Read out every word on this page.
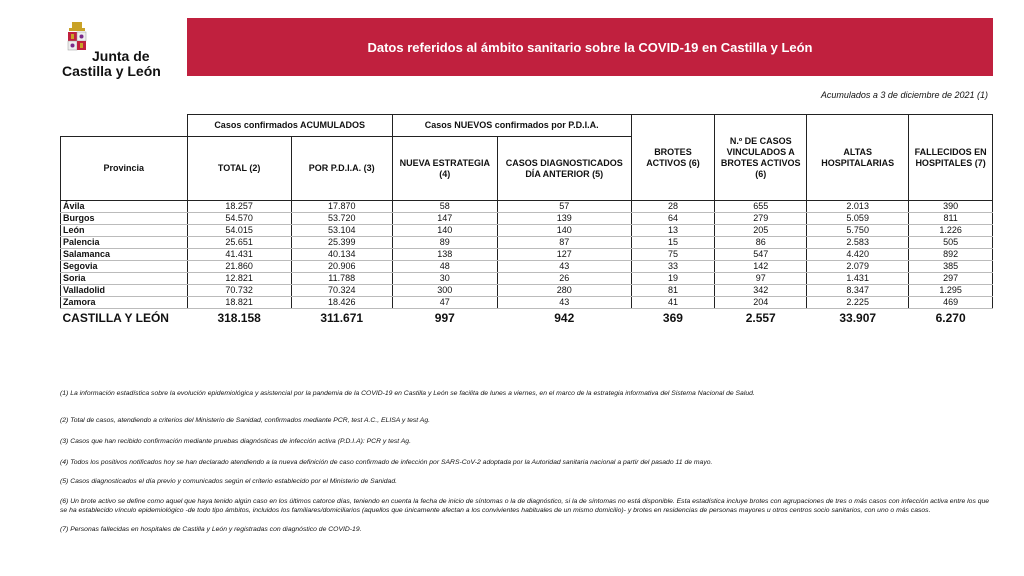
Junta de
Castilla y León
Datos referidos al ámbito sanitario sobre la COVID-19 en Castilla y León
Acumulados a 3 de diciembre de 2021 (1)
	Casos confirmados ACUMULADOS		Casos NUEVOS confirmados por P.D.I.A.		BROTES ACTIVOS (6)	N.º DE CASOS VINCULADOS A BROTES ACTIVOS (6)	ALTAS HOSPITALARIAS	FALLECIDOS EN HOSPITALES (7)

Provincia	TOTAL (2)	POR P.D.I.A. (3)	NUEVA ESTRATEGIA (4)	CASOS DIAGNOSTICADOS DÍA ANTERIOR (5)				
Ávila	18.257	17.870	58	57	28	655	2.013	390
Burgos	54.570	53.720	147	139	64	279	5.059	811
León	54.015	53.104	140	140	13	205	5.750	1.226
Palencia	25.651	25.399	89	87	15	86	2.583	505
Salamanca	41.431	40.134	138	127	75	547	4.420	892
Segovia	21.860	20.906	48	43	33	142	2.079	385
Soria	12.821	11.788	30	26	19	97	1.431	297
Valladolid	70.732	70.324	300	280	81	342	8.347	1.295
Zamora	18.821	18.426	47	43	41	204	2.225	469
CASTILLA Y LEÓN	318.158	311.671	997	942	369	2.557	33.907	6.270

(1) La información estadística sobre la evolución epidemiológica y asistencial por la pandemia de la COVID-19 en Castilla y León se facilita de lunes a viernes, en el marco de la estrategia informativa del Sistema Nacional de Salud.

(2) Total de casos, atendiendo a criterios del Ministerio de Sanidad, confirmados mediante PCR, test A.C., ELISA y test Ag.

(3) Casos que han recibido confirmación mediante pruebas diagnósticas de infección activa (P.D.I.A): PCR y test Ag.

(4) Todos los positivos notificados hoy se han declarado atendiendo a la nueva definición de caso confirmado de infección por SARS-CoV-2 adoptada por la Autoridad sanitaria nacional a partir del pasado 11 de mayo.

(5) Casos diagnosticados el día previo y comunicados según el criterio establecido por el Ministerio de Sanidad.

(6) Un brote activo se define como aquel que haya tenido algún caso en los últimos catorce días, teniendo en cuenta la fecha de inicio de síntomas o la de diagnóstico, si la de síntomas no está disponible. Esta estadística incluye brotes con agrupaciones de tres o más casos con infección activa entre los que se ha establecido vínculo epidemiológico -de todo tipo ámbitos, incluidos los familiares/domiciliarios (aquellos que únicamente afectan a los convivientes habituales de un mismo domicilio)- y brotes en residencias de personas mayores u otros centros socio sanitarios, con uno o más casos.

(7) Personas fallecidas en hospitales de Castilla y León y registradas con diagnóstico de COVID-19.
